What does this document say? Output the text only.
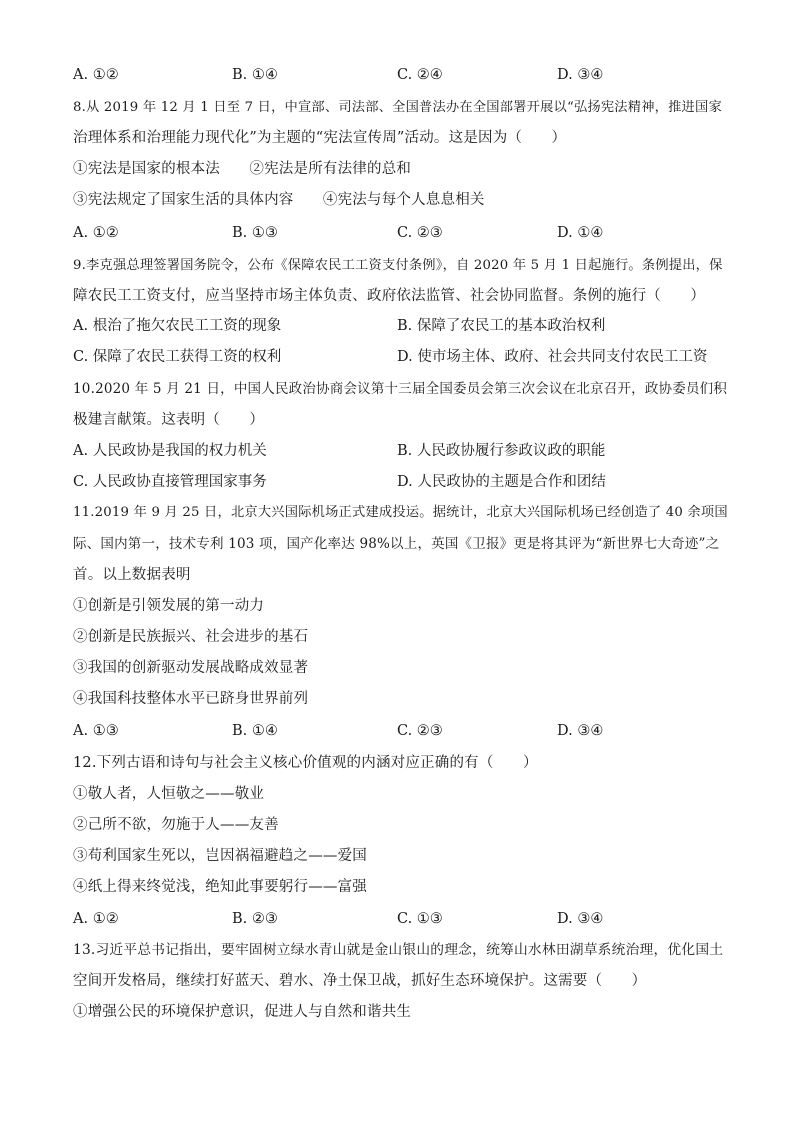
A. ①②	B. ①④	C. ②④	D. ③④
8.从 2019 年 12 月 1 日至 7 日，中宣部、司法部、全国普法办在全国部署开展以“弘扬宪法精神，推进国家
治理体系和治理能力现代化”为主题的“宪法宣传周”活动。这是因为（　　）
①宪法是国家的根本法　　②宪法是所有法律的总和
③宪法规定了国家生活的具体内容　　④宪法与每个人息息相关
A. ①②	B. ①③	C. ②③	D. ①④
9.李克强总理签署国务院令，公布《保障农民工工资支付条例》，自 2020 年 5 月 1 日起施行。条例提出，保
障农民工工资支付，应当坚持市场主体负责、政府依法监管、社会协同监督。条例的施行（　　）
A. 根治了拖欠农民工工资的现象	B. 保障了农民工的基本政治权利
C. 保障了农民工获得工资的权利	D. 使市场主体、政府、社会共同支付农民工工资
10.2020 年 5 月 21 日，中国人民政治协商会议第十三届全国委员会第三次会议在北京召开，政协委员们积
极建言献策。这表明（　　）
A. 人民政协是我国的权力机关	B. 人民政协履行参政议政的职能
C. 人民政协直接管理国家事务	D. 人民政协的主题是合作和团结
11.2019 年 9 月 25 日，北京大兴国际机场正式建成投运。据统计，北京大兴国际机场已经创造了 40 余项国
际、国内第一，技术专利 103 项，国产化率达 98%以上，英国《卫报》更是将其评为“新世界七大奇迹”之
首。以上数据表明
①创新是引领发展的第一动力
②创新是民族振兴、社会进步的基石
③我国的创新驱动发展战略成效显著
④我国科技整体水平已跻身世界前列
A. ①③	B. ①④	C. ②③	D. ③④
12.下列古语和诗句与社会主义核心价值观的内涵对应正确的有（　　）
①敬人者，人恒敬之——敬业
②己所不欲，勿施于人——友善
③苟利国家生死以，岂因祸福避趋之——爱国
④纸上得来终觉浅，绝知此事要躬行——富强
A. ①②	B. ②③	C. ①③	D. ③④
13.习近平总书记指出，要牢固树立绿水青山就是金山银山的理念，统筹山水林田湖草系统治理，优化国土
空间开发格局，继续打好蓝天、碧水、净土保卫战，抓好生态环境保护。这需要（　　）
①增强公民的环境保护意识，促进人与自然和谐共生
